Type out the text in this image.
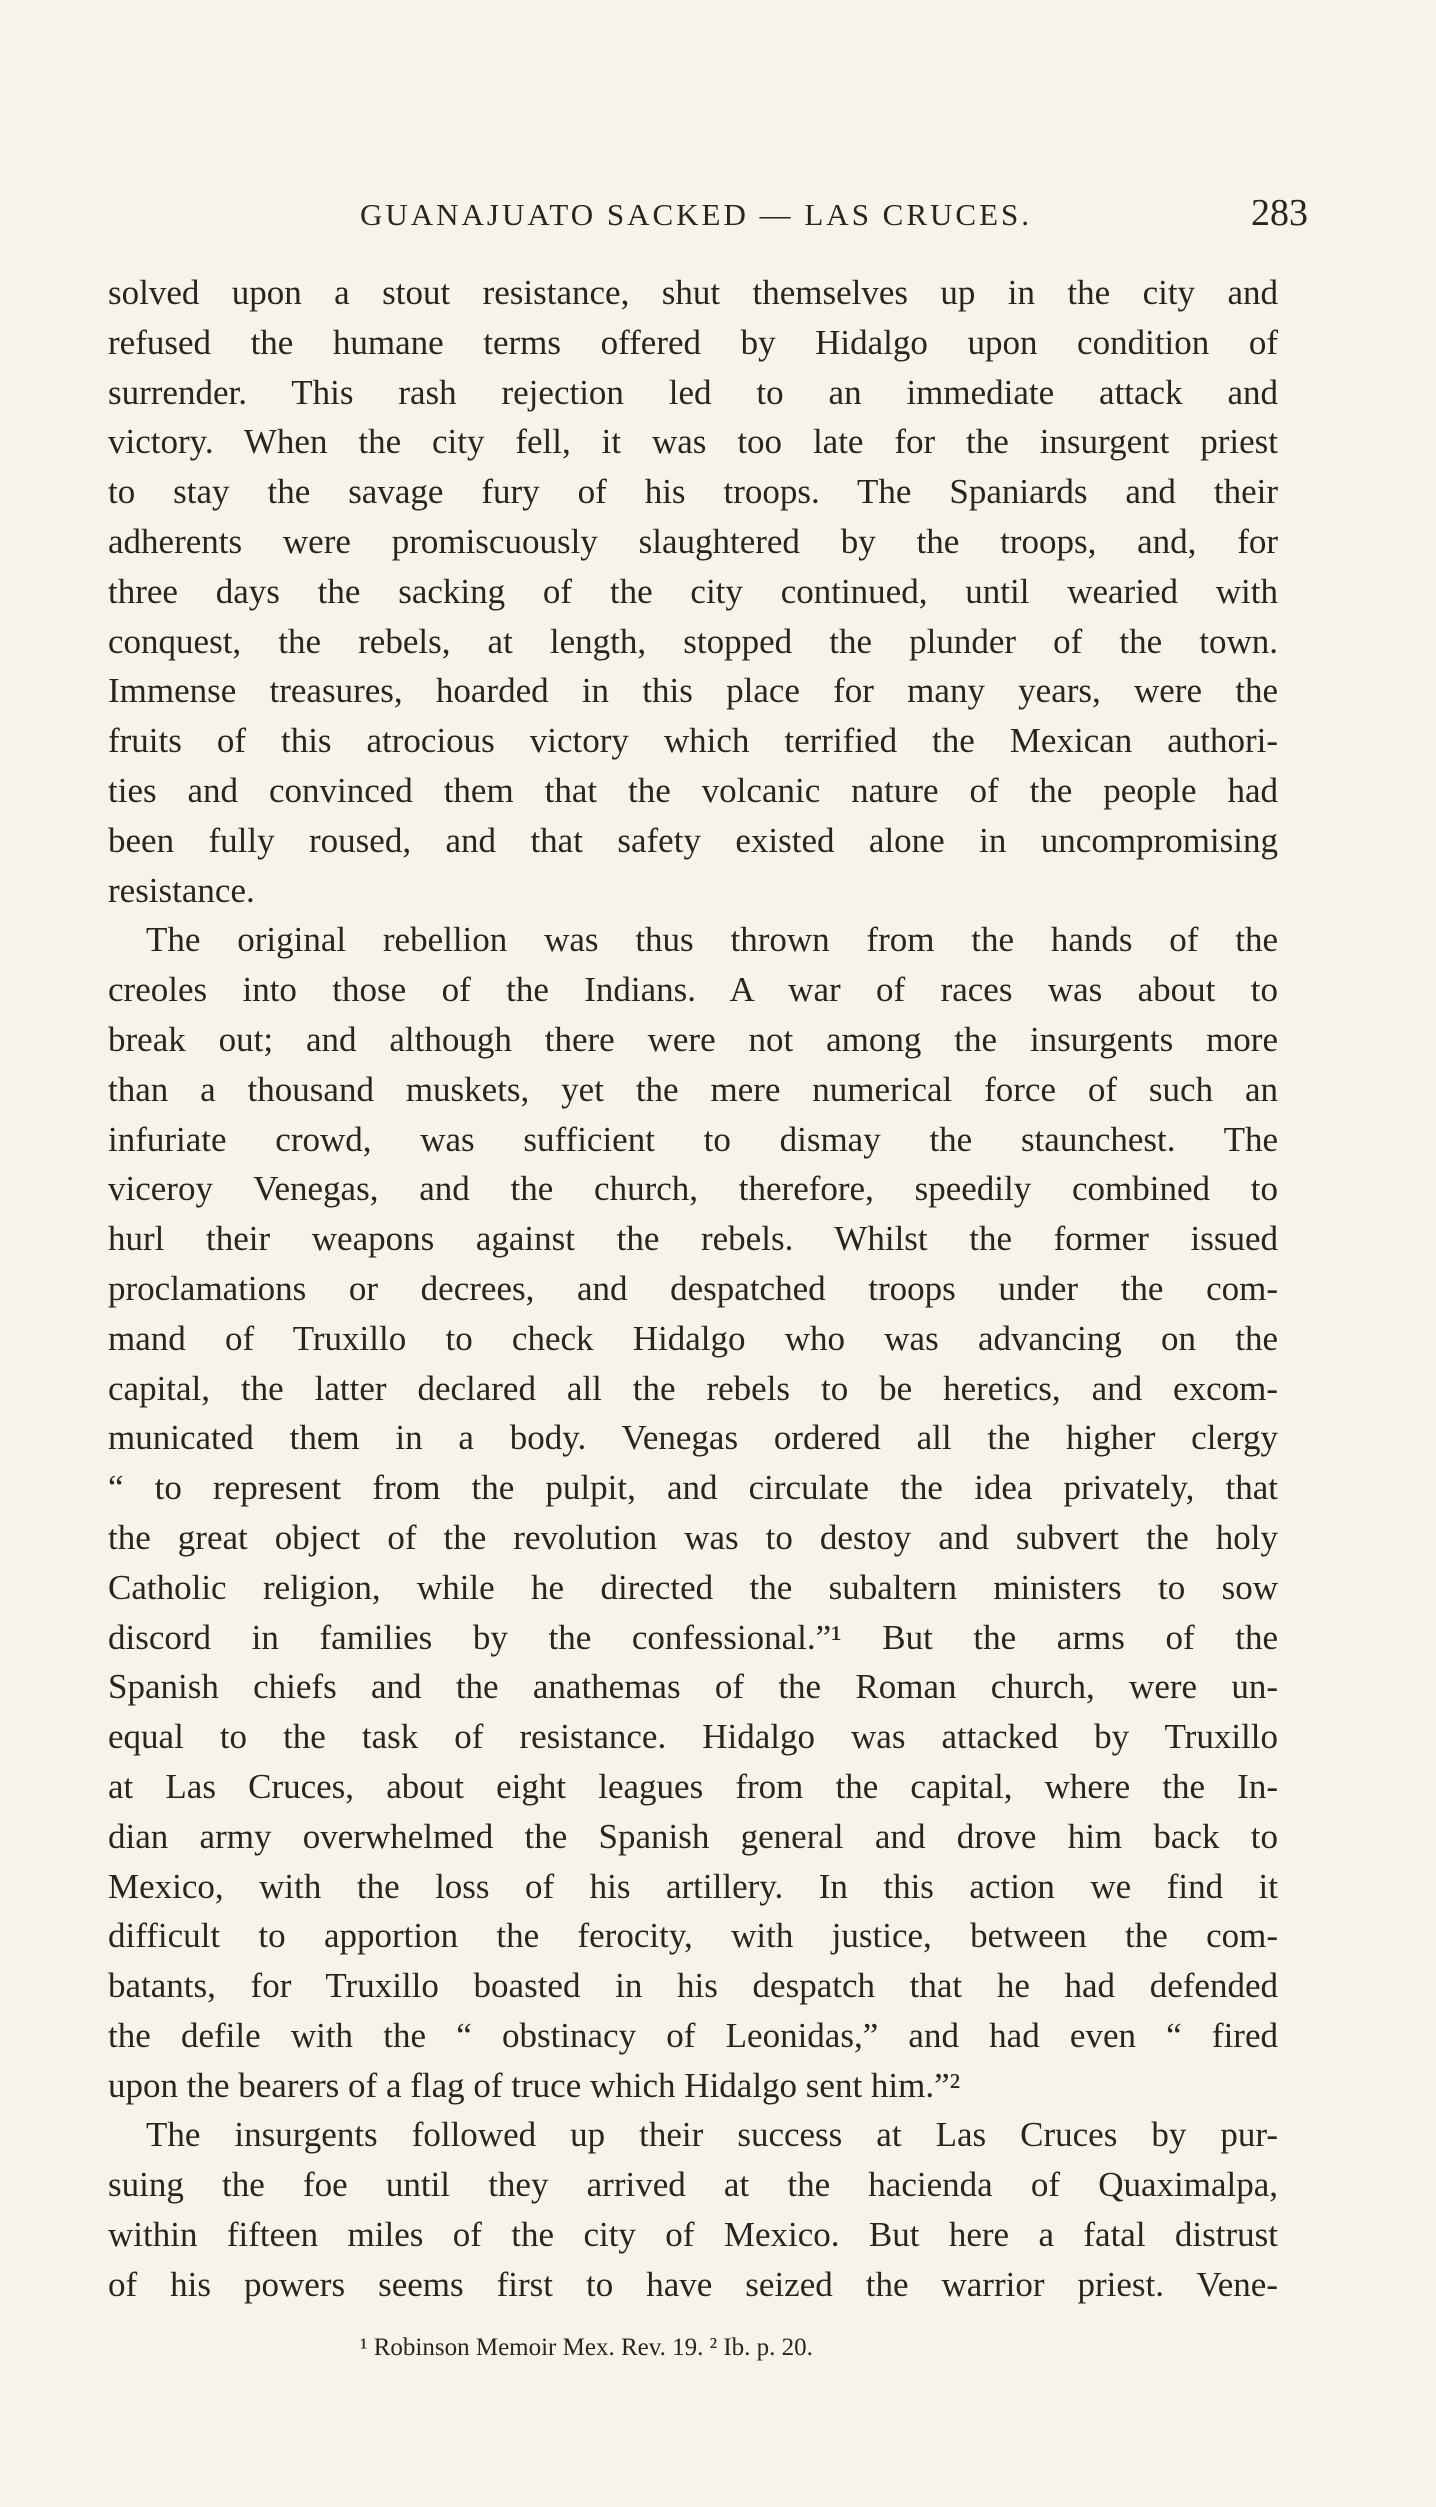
GUANAJUATO SACKED — LAS CRUCES.	283
solved upon a stout resistance, shut themselves up in the city and
refused the humane terms offered by Hidalgo upon condition of
surrender. This rash rejection led to an immediate attack and
victory. When the city fell, it was too late for the insurgent priest
to stay the savage fury of his troops. The Spaniards and their
adherents were promiscuously slaughtered by the troops, and, for
three days the sacking of the city continued, until wearied with
conquest, the rebels, at length, stopped the plunder of the town.
Immense treasures, hoarded in this place for many years, were the
fruits of this atrocious victory which terrified the Mexican authori-
ties and convinced them that the volcanic nature of the people had
been fully roused, and that safety existed alone in uncompromising
resistance.
The original rebellion was thus thrown from the hands of the
creoles into those of the Indians. A war of races was about to
break out; and although there were not among the insurgents more
than a thousand muskets, yet the mere numerical force of such an
infuriate crowd, was sufficient to dismay the staunchest. The
viceroy Venegas, and the church, therefore, speedily combined to
hurl their weapons against the rebels. Whilst the former issued
proclamations or decrees, and despatched troops under the com-
mand of Truxillo to check Hidalgo who was advancing on the
capital, the latter declared all the rebels to be heretics, and excom-
municated them in a body. Venegas ordered all the higher clergy
“ to represent from the pulpit, and circulate the idea privately, that
the great object of the revolution was to destoy and subvert the holy
Catholic religion, while he directed the subaltern ministers to sow
discord in families by the confessional.”¹ But the arms of the
Spanish chiefs and the anathemas of the Roman church, were un-
equal to the task of resistance. Hidalgo was attacked by Truxillo
at Las Cruces, about eight leagues from the capital, where the In-
dian army overwhelmed the Spanish general and drove him back to
Mexico, with the loss of his artillery. In this action we find it
difficult to apportion the ferocity, with justice, between the com-
batants, for Truxillo boasted in his despatch that he had defended
the defile with the “ obstinacy of Leonidas,” and had even “ fired
upon the bearers of a flag of truce which Hidalgo sent him.”²
The insurgents followed up their success at Las Cruces by pur-
suing the foe until they arrived at the hacienda of Quaximalpa,
within fifteen miles of the city of Mexico. But here a fatal distrust
of his powers seems first to have seized the warrior priest. Vene-
¹ Robinson Memoir Mex. Rev. 19. ² Ib. p. 20.
